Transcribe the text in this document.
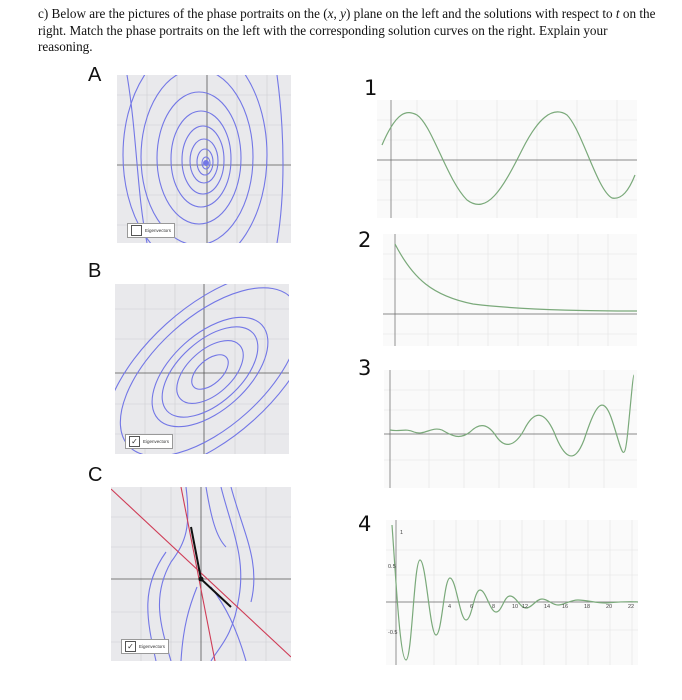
c) Below are the pictures of the phase portraits on the (x, y) plane on the left and the solutions with respect to t on the right. Match the phase portraits on the left with the corresponding solution curves on the right. Explain your reasoning.
A
B
C
1
2
3
4
Eigenvectors
✓	Eigenvectors
✓	Eigenvectors
4	6	8	10 12	14 16	18	20	22
1
0.5
-0.5
